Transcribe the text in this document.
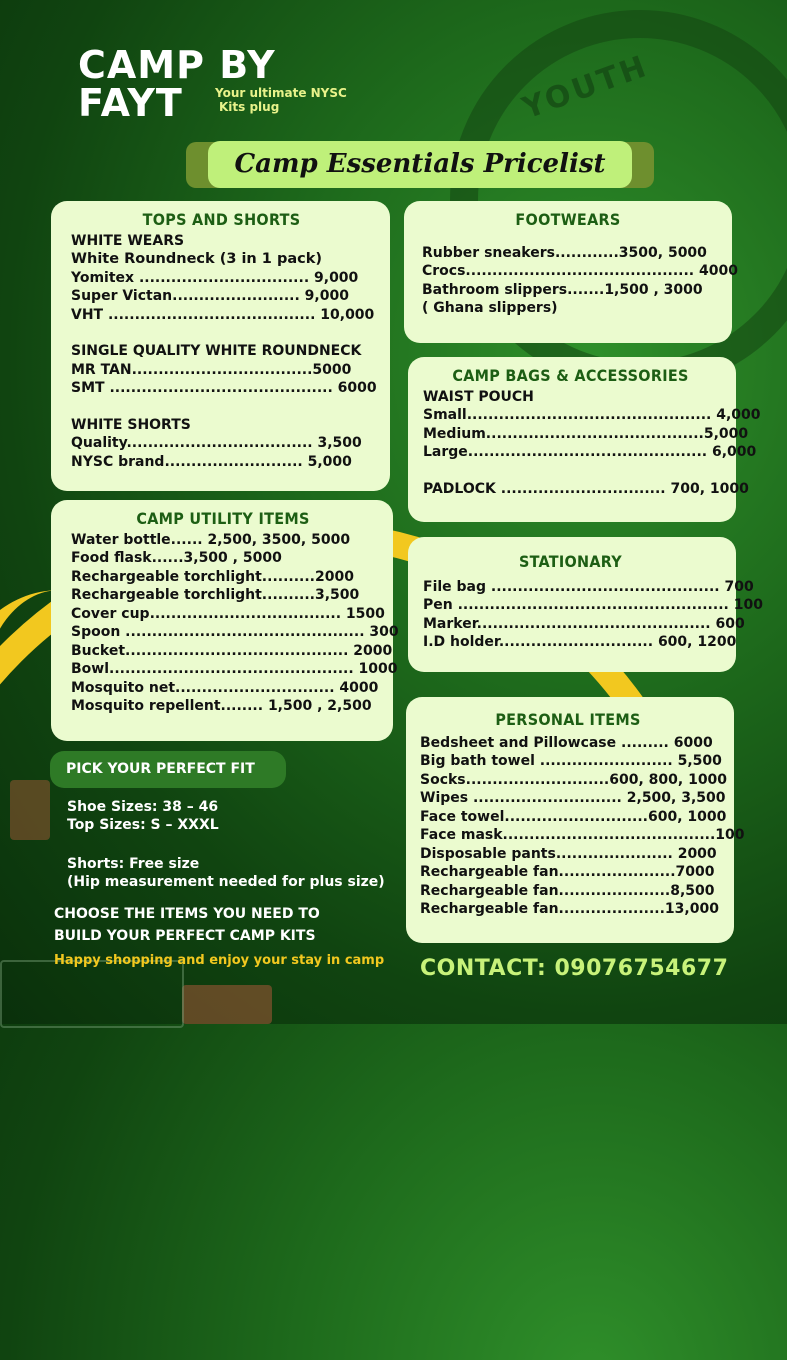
YOUTH
CAMP BY
FAYT	Your ultimate NYSC
Kits plug
Camp Essentials Pricelist
TOPS AND SHORTS
WHITE WEARS
White Roundneck (3 in 1 pack)
Yomitex ................................ 9,000
Super Victan........................ 9,000
VHT ....................................... 10,000
SINGLE QUALITY WHITE ROUNDNECK
MR TAN..................................5000
SMT .......................................... 6000
WHITE SHORTS
Quality................................... 3,500
NYSC brand.......................... 5,000
CAMP UTILITY ITEMS
Water bottle...... 2,500, 3500, 5000
Food flask......3,500 , 5000
Rechargeable torchlight..........2000
Rechargeable torchlight..........3,500
Cover cup.................................... 1500
Spoon ............................................. 300
Bucket.......................................... 2000
Bowl.............................................. 1000
Mosquito net.............................. 4000
Mosquito repellent........ 1,500 , 2,500
FOOTWEARS
Rubber sneakers............3500, 5000
Crocs........................................... 4000
Bathroom slippers.......1,500 , 3000
( Ghana slippers)
CAMP BAGS & ACCESSORIES
WAIST POUCH
Small.............................................. 4,000
Medium.........................................5,000
Large............................................. 6,000
PADLOCK ............................... 700, 1000
STATIONARY
File bag ........................................... 700
Pen ................................................... 100
Marker............................................ 600
I.D holder............................. 600, 1200
PERSONAL ITEMS
Bedsheet and Pillowcase ......... 6000
Big bath towel ......................... 5,500
Socks...........................600, 800, 1000
Wipes ............................ 2,500, 3,500
Face towel...........................600, 1000
Face mask........................................100
Disposable pants...................... 2000
Rechargeable fan......................7000
Rechargeable fan.....................8,500
Rechargeable fan....................13,000
PICK YOUR PERFECT FIT
Shoe Sizes: 38 – 46
Top Sizes: S – XXXL
Shorts: Free size
(Hip measurement needed for plus size)
CHOOSE THE ITEMS YOU NEED TO
BUILD YOUR PERFECT CAMP KITS
Happy shopping and enjoy your stay in camp CONTACT: 09076754677
